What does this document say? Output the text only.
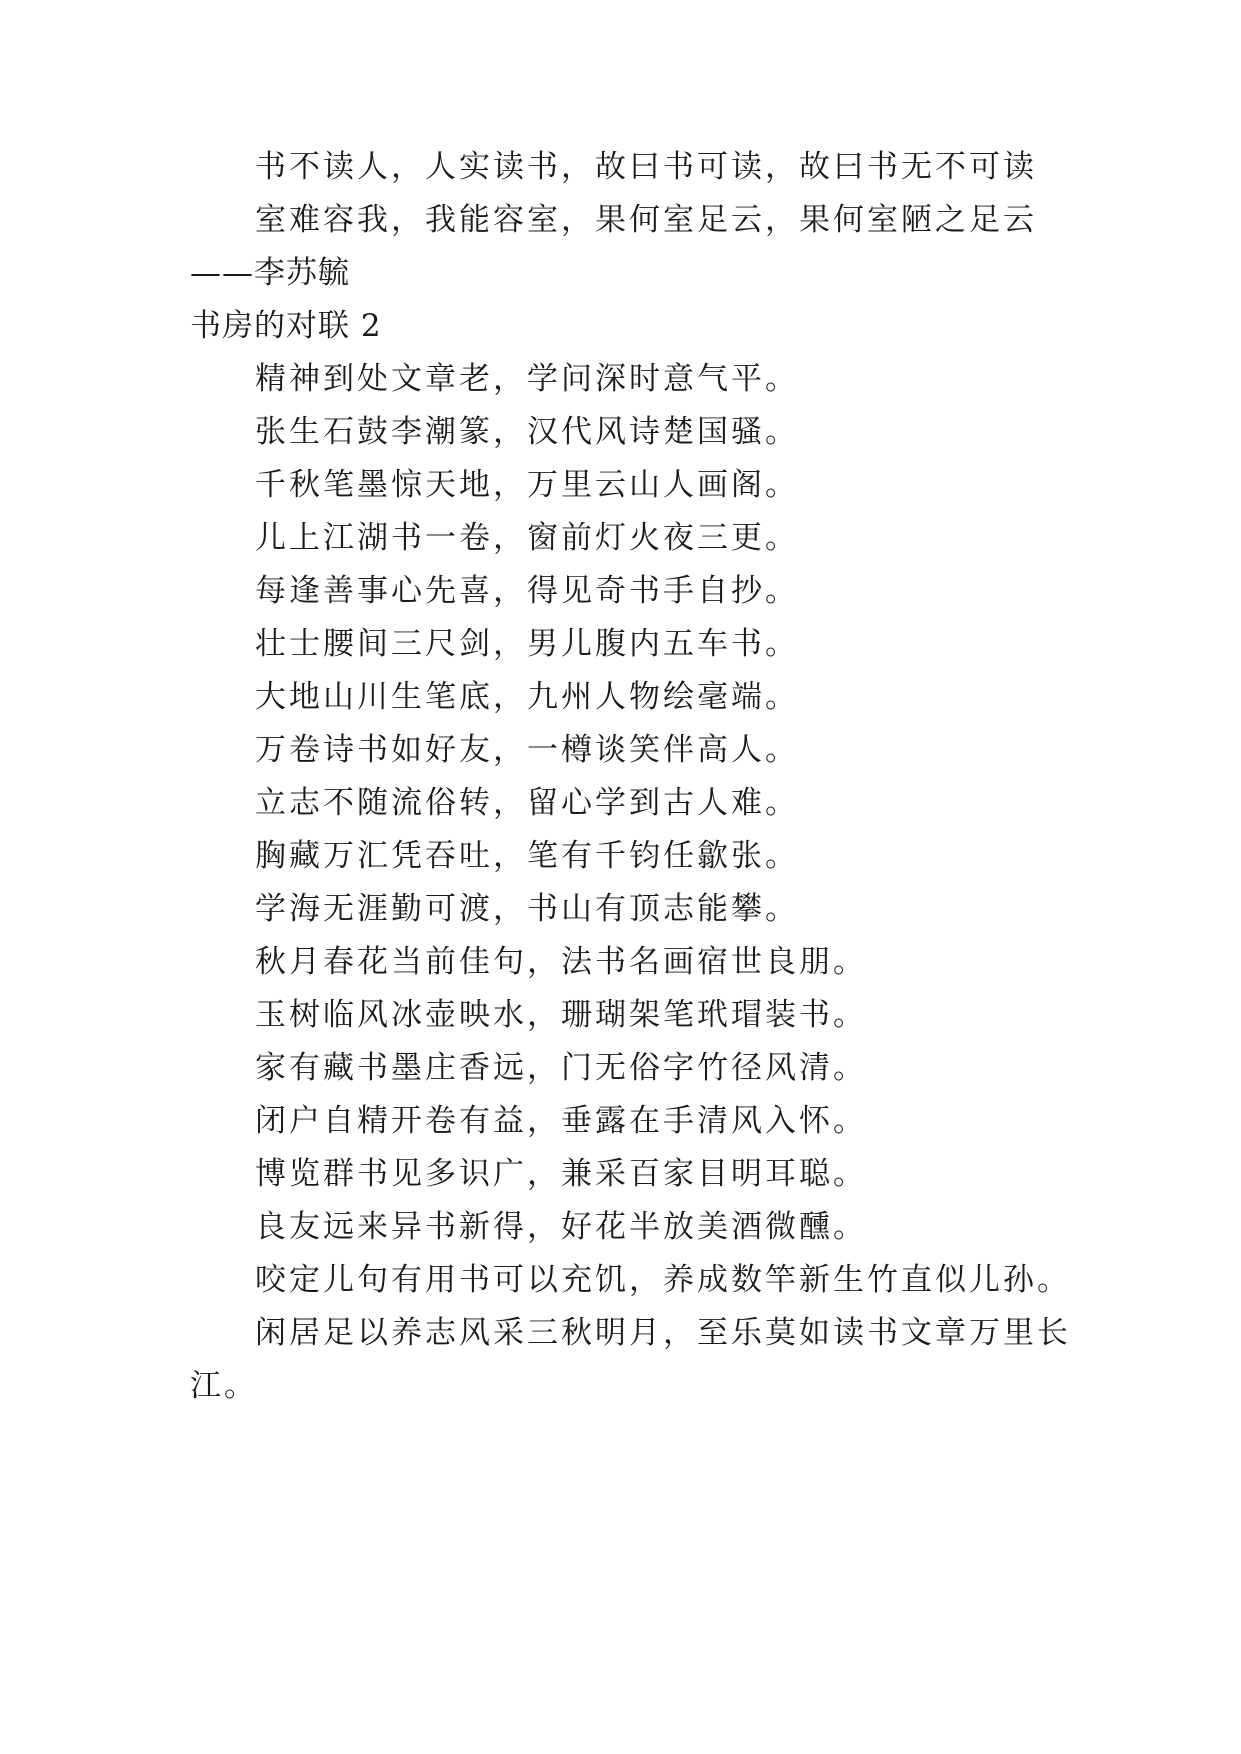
书不读人，人实读书，故曰书可读，故曰书无不可读
室难容我，我能容室，果何室足云，果何室陋之足云
——李苏毓
书房的对联 2
精神到处文章老，学问深时意气平。
张生石鼓李潮篆，汉代风诗楚国骚。
千秋笔墨惊天地，万里云山人画阁。
儿上江湖书一卷，窗前灯火夜三更。
每逢善事心先喜，得见奇书手自抄。
壮士腰间三尺剑，男儿腹内五车书。
大地山川生笔底，九州人物绘毫端。
万卷诗书如好友，一樽谈笑伴高人。
立志不随流俗转，留心学到古人难。
胸藏万汇凭吞吐，笔有千钧任歙张。
学海无涯勤可渡，书山有顶志能攀。
秋月春花当前佳句，法书名画宿世良朋。
玉树临风冰壶映水，珊瑚架笔玳瑁装书。
家有藏书墨庄香远，门无俗字竹径风清。
闭户自精开卷有益，垂露在手清风入怀。
博览群书见多识广，兼采百家目明耳聪。
良友远来异书新得，好花半放美酒微醺。
咬定儿句有用书可以充饥，养成数竿新生竹直似儿孙。
闲居足以养志风采三秋明月，至乐莫如读书文章万里长
江。
